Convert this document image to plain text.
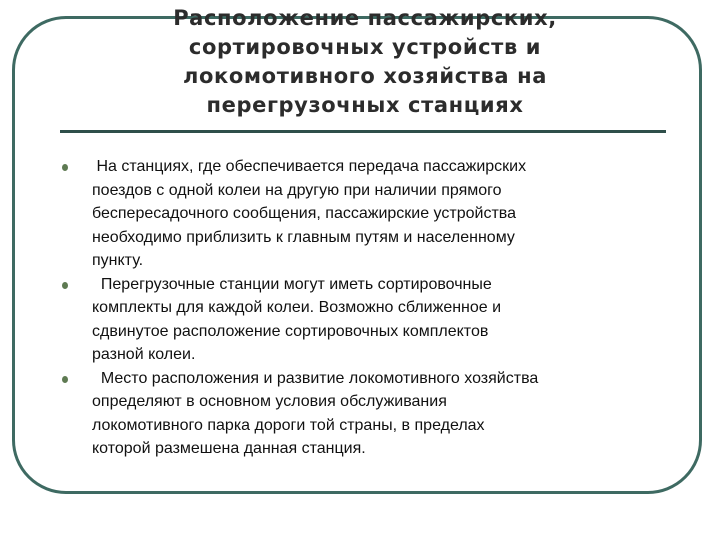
Расположение пассажирских,
сортировочных устройств и
локомотивного хозяйства на
перегрузочных станциях
На станциях, где обеспечивается передача пассажирских
поездов с одной колеи на другую при наличии прямого
беспересадочного сообщения, пассажирские устройства
необходимо приблизить к главным путям и населенному
пункту.
Перегрузочные станции могут иметь сортировочные
комплекты для каждой колеи. Возможно сближенное и
сдвинутое расположение сортировочных комплектов
разной колеи.
Место расположения и развитие локомотивного хозяйства
определяют в основном условия обслуживания
локомотивного парка дороги той страны, в пределах
которой размешена данная станция.
